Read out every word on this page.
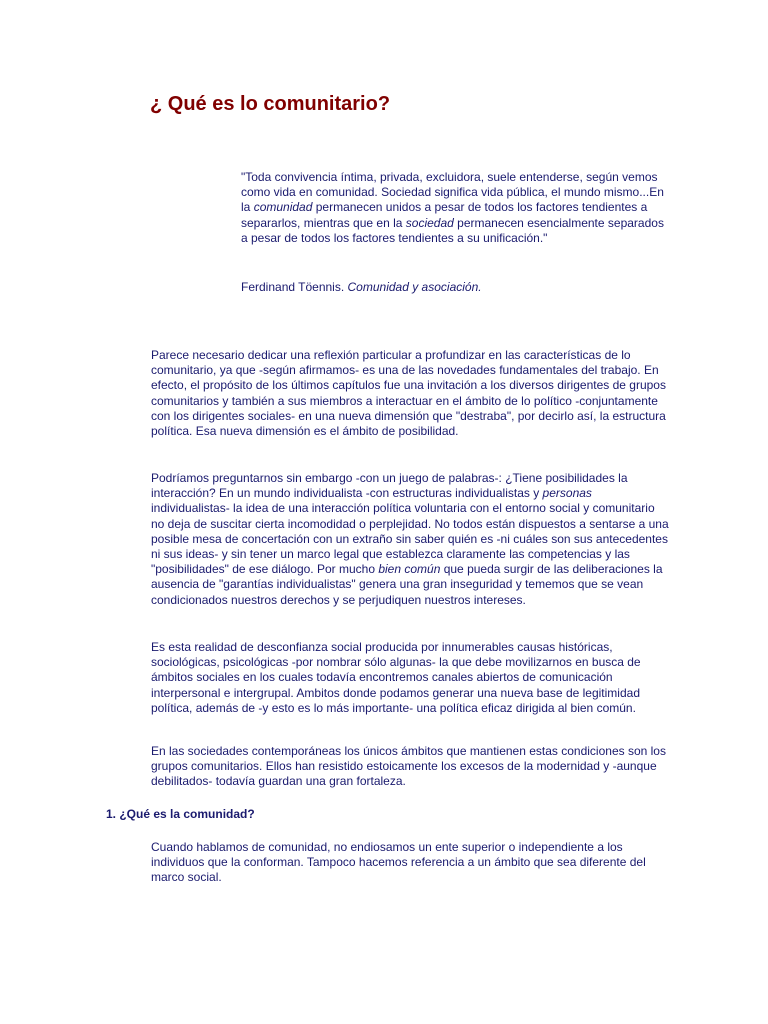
¿ Qué es lo comunitario?

"Toda convivencia íntima, privada, excluidora, suele entenderse, según vemos como vida en comunidad. Sociedad significa vida pública, el mundo mismo...En la comunidad permanecen unidos a pesar de todos los factores tendientes a separarlos, mientras que en la sociedad permanecen esencialmente separados a pesar de todos los factores tendientes a su unificación."

Ferdinand Töennis. Comunidad y asociación.

Parece necesario dedicar una reflexión particular a profundizar en las características de lo comunitario, ya que -según afirmamos- es una de las novedades fundamentales del trabajo. En efecto, el propósito de los últimos capítulos fue una invitación a los diversos dirigentes de grupos comunitarios y también a sus miembros a interactuar en el ámbito de lo político -conjuntamente con los dirigentes sociales- en una nueva dimensión que "destraba", por decirlo así, la estructura política. Esa nueva dimensión es el ámbito de posibilidad.

Podríamos preguntarnos sin embargo -con un juego de palabras-: ¿Tiene posibilidades la interacción? En un mundo individualista -con estructuras individualistas y personas individualistas- la idea de una interacción política voluntaria con el entorno social y comunitario no deja de suscitar cierta incomodidad o perplejidad. No todos están dispuestos a sentarse a una posible mesa de concertación con un extraño sin saber quién es -ni cuáles son sus antecedentes ni sus ideas- y sin tener un marco legal que establezca claramente las competencias y las "posibilidades" de ese diálogo. Por mucho bien común que pueda surgir de las deliberaciones la ausencia de "garantías individualistas" genera una gran inseguridad y tememos que se vean condicionados nuestros derechos y se perjudiquen nuestros intereses.

Es esta realidad de desconfianza social producida por innumerables causas históricas, sociológicas, psicológicas -por nombrar sólo algunas- la que debe movilizarnos en busca de ámbitos sociales en los cuales todavía encontremos canales abiertos de comunicación interpersonal e intergrupal. Ambitos donde podamos generar una nueva base de legitimidad política, además de -y esto es lo más importante- una política eficaz dirigida al bien común.

En las sociedades contemporáneas los únicos ámbitos que mantienen estas condiciones son los grupos comunitarios. Ellos han resistido estoicamente los excesos de la modernidad y -aunque debilitados- todavía guardan una gran fortaleza.

1. ¿Qué es la comunidad?

Cuando hablamos de comunidad, no endiosamos un ente superior o independiente a los individuos que la conforman. Tampoco hacemos referencia a un ámbito que sea diferente del marco social.
